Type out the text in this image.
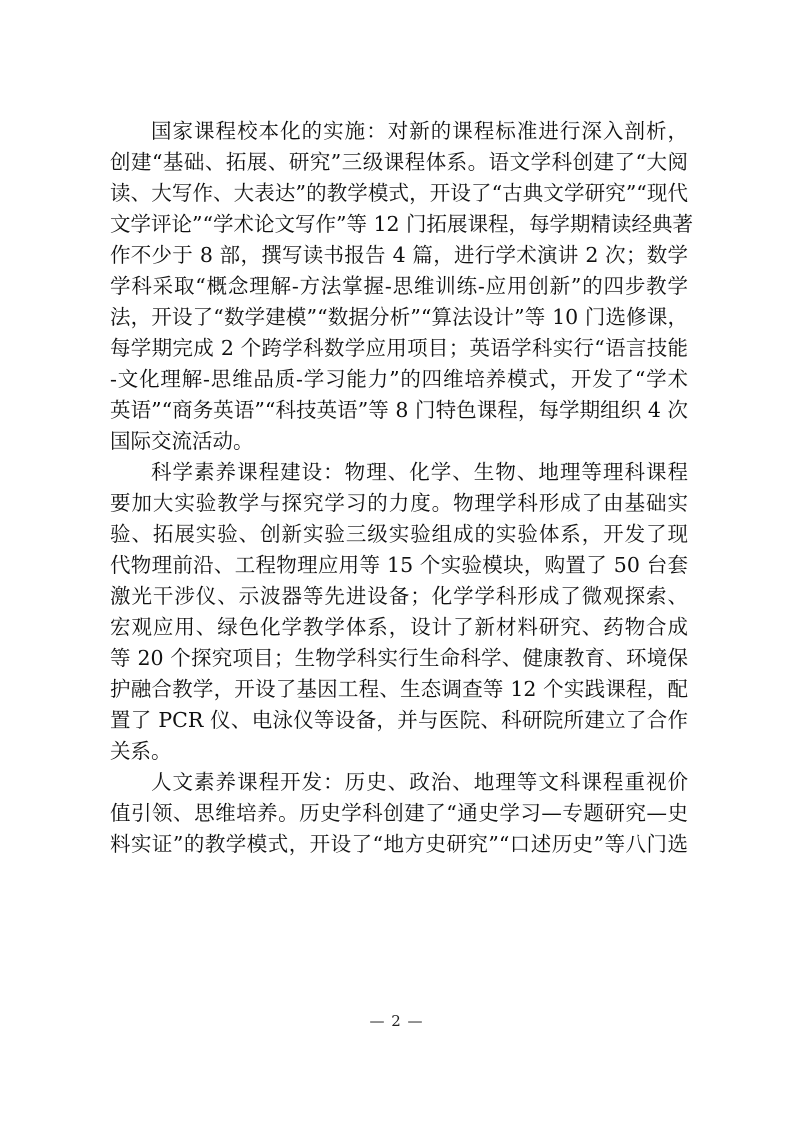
国家课程校本化的实施：对新的课程标准进行深入剖析，
创建“基础、拓展、研究”三级课程体系。语文学科创建了“大阅
读、大写作、大表达”的教学模式，开设了“古典文学研究”“现代
文学评论”“学术论文写作”等 12 门拓展课程，每学期精读经典著
作不少于 8 部，撰写读书报告 4 篇，进行学术演讲 2 次；数学
学科采取“概念理解-方法掌握-思维训练-应用创新”的四步教学
法，开设了“数学建模”“数据分析”“算法设计”等 10 门选修课，
每学期完成 2 个跨学科数学应用项目；英语学科实行“语言技能
-文化理解-思维品质-学习能力”的四维培养模式，开发了“学术
英语”“商务英语”“科技英语”等 8 门特色课程，每学期组织 4 次
国际交流活动。
科学素养课程建设：物理、化学、生物、地理等理科课程
要加大实验教学与探究学习的力度。物理学科形成了由基础实
验、拓展实验、创新实验三级实验组成的实验体系，开发了现
代物理前沿、工程物理应用等 15 个实验模块，购置了 50 台套
激光干涉仪、示波器等先进设备；化学学科形成了微观探索、
宏观应用、绿色化学教学体系，设计了新材料研究、药物合成
等 20 个探究项目；生物学科实行生命科学、健康教育、环境保
护融合教学，开设了基因工程、生态调查等 12 个实践课程，配
置了 PCR 仪、电泳仪等设备，并与医院、科研院所建立了合作
关系。
人文素养课程开发：历史、政治、地理等文科课程重视价
值引领、思维培养。历史学科创建了“通史学习—专题研究—史
料实证”的教学模式，开设了“地方史研究”“口述历史”等八门选
— 2 —
